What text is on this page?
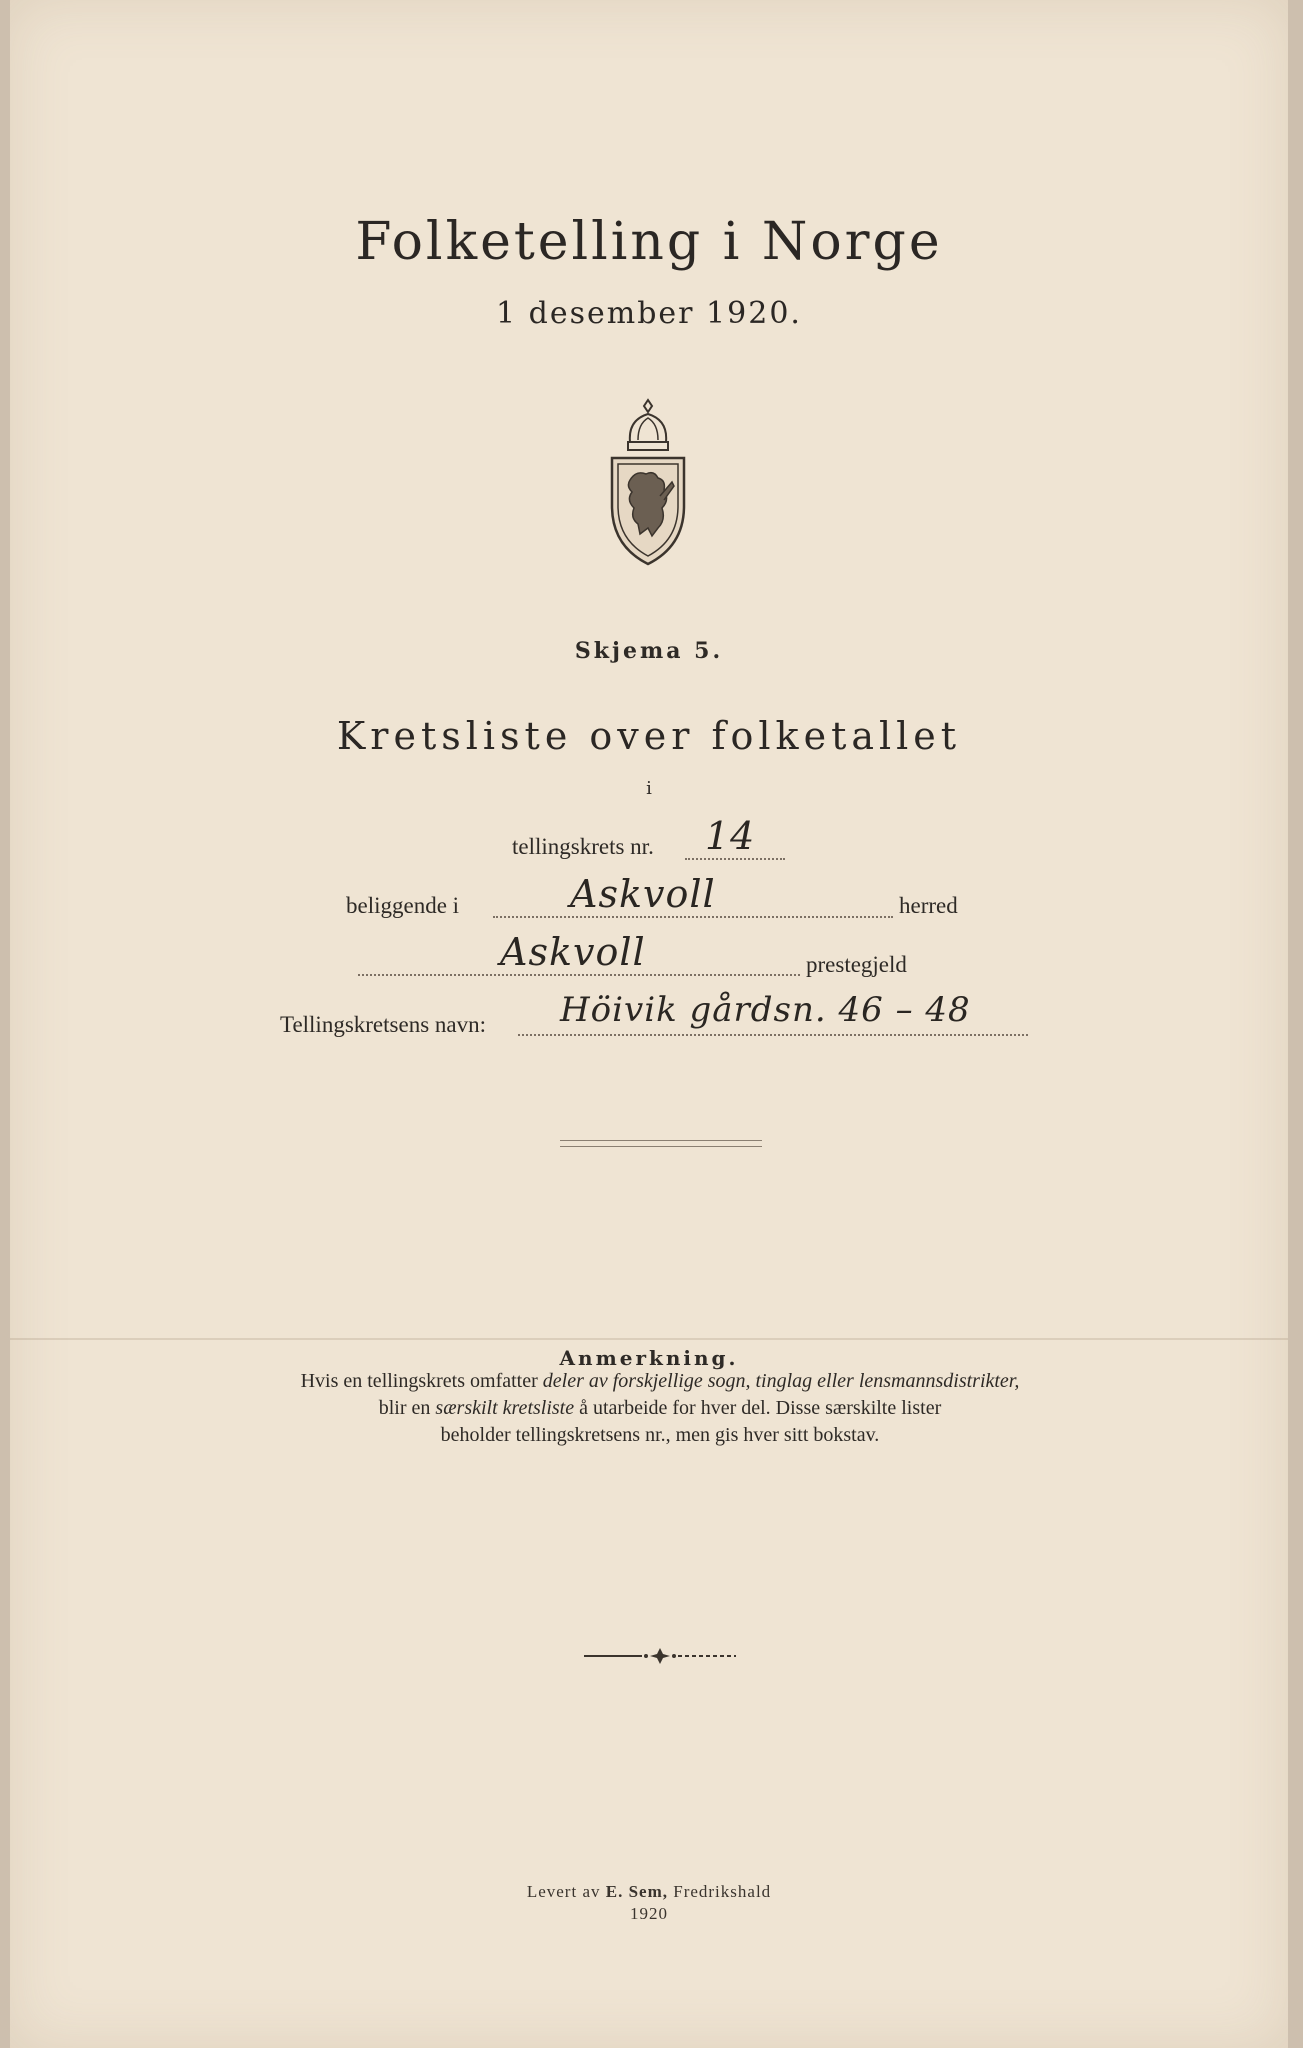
Folketelling i Norge
1 desember 1920.
Skjema 5.
Kretsliste over folketallet
i
tellingskrets nr. 14
beliggende i	Askvoll	herred
Askvoll	prestegjeld
Tellingskretsens navn: Höivik gårdsn. 46 – 48
Anmerkning.
Hvis en tellingskrets omfatter deler av forskjellige sogn, tinglag eller lensmannsdistrikter,
blir en særskilt kretsliste å utarbeide for hver del. Disse særskilte lister
beholder tellingskretsens nr., men gis hver sitt bokstav.
Levert av E. Sem, Fredrikshald
1920
